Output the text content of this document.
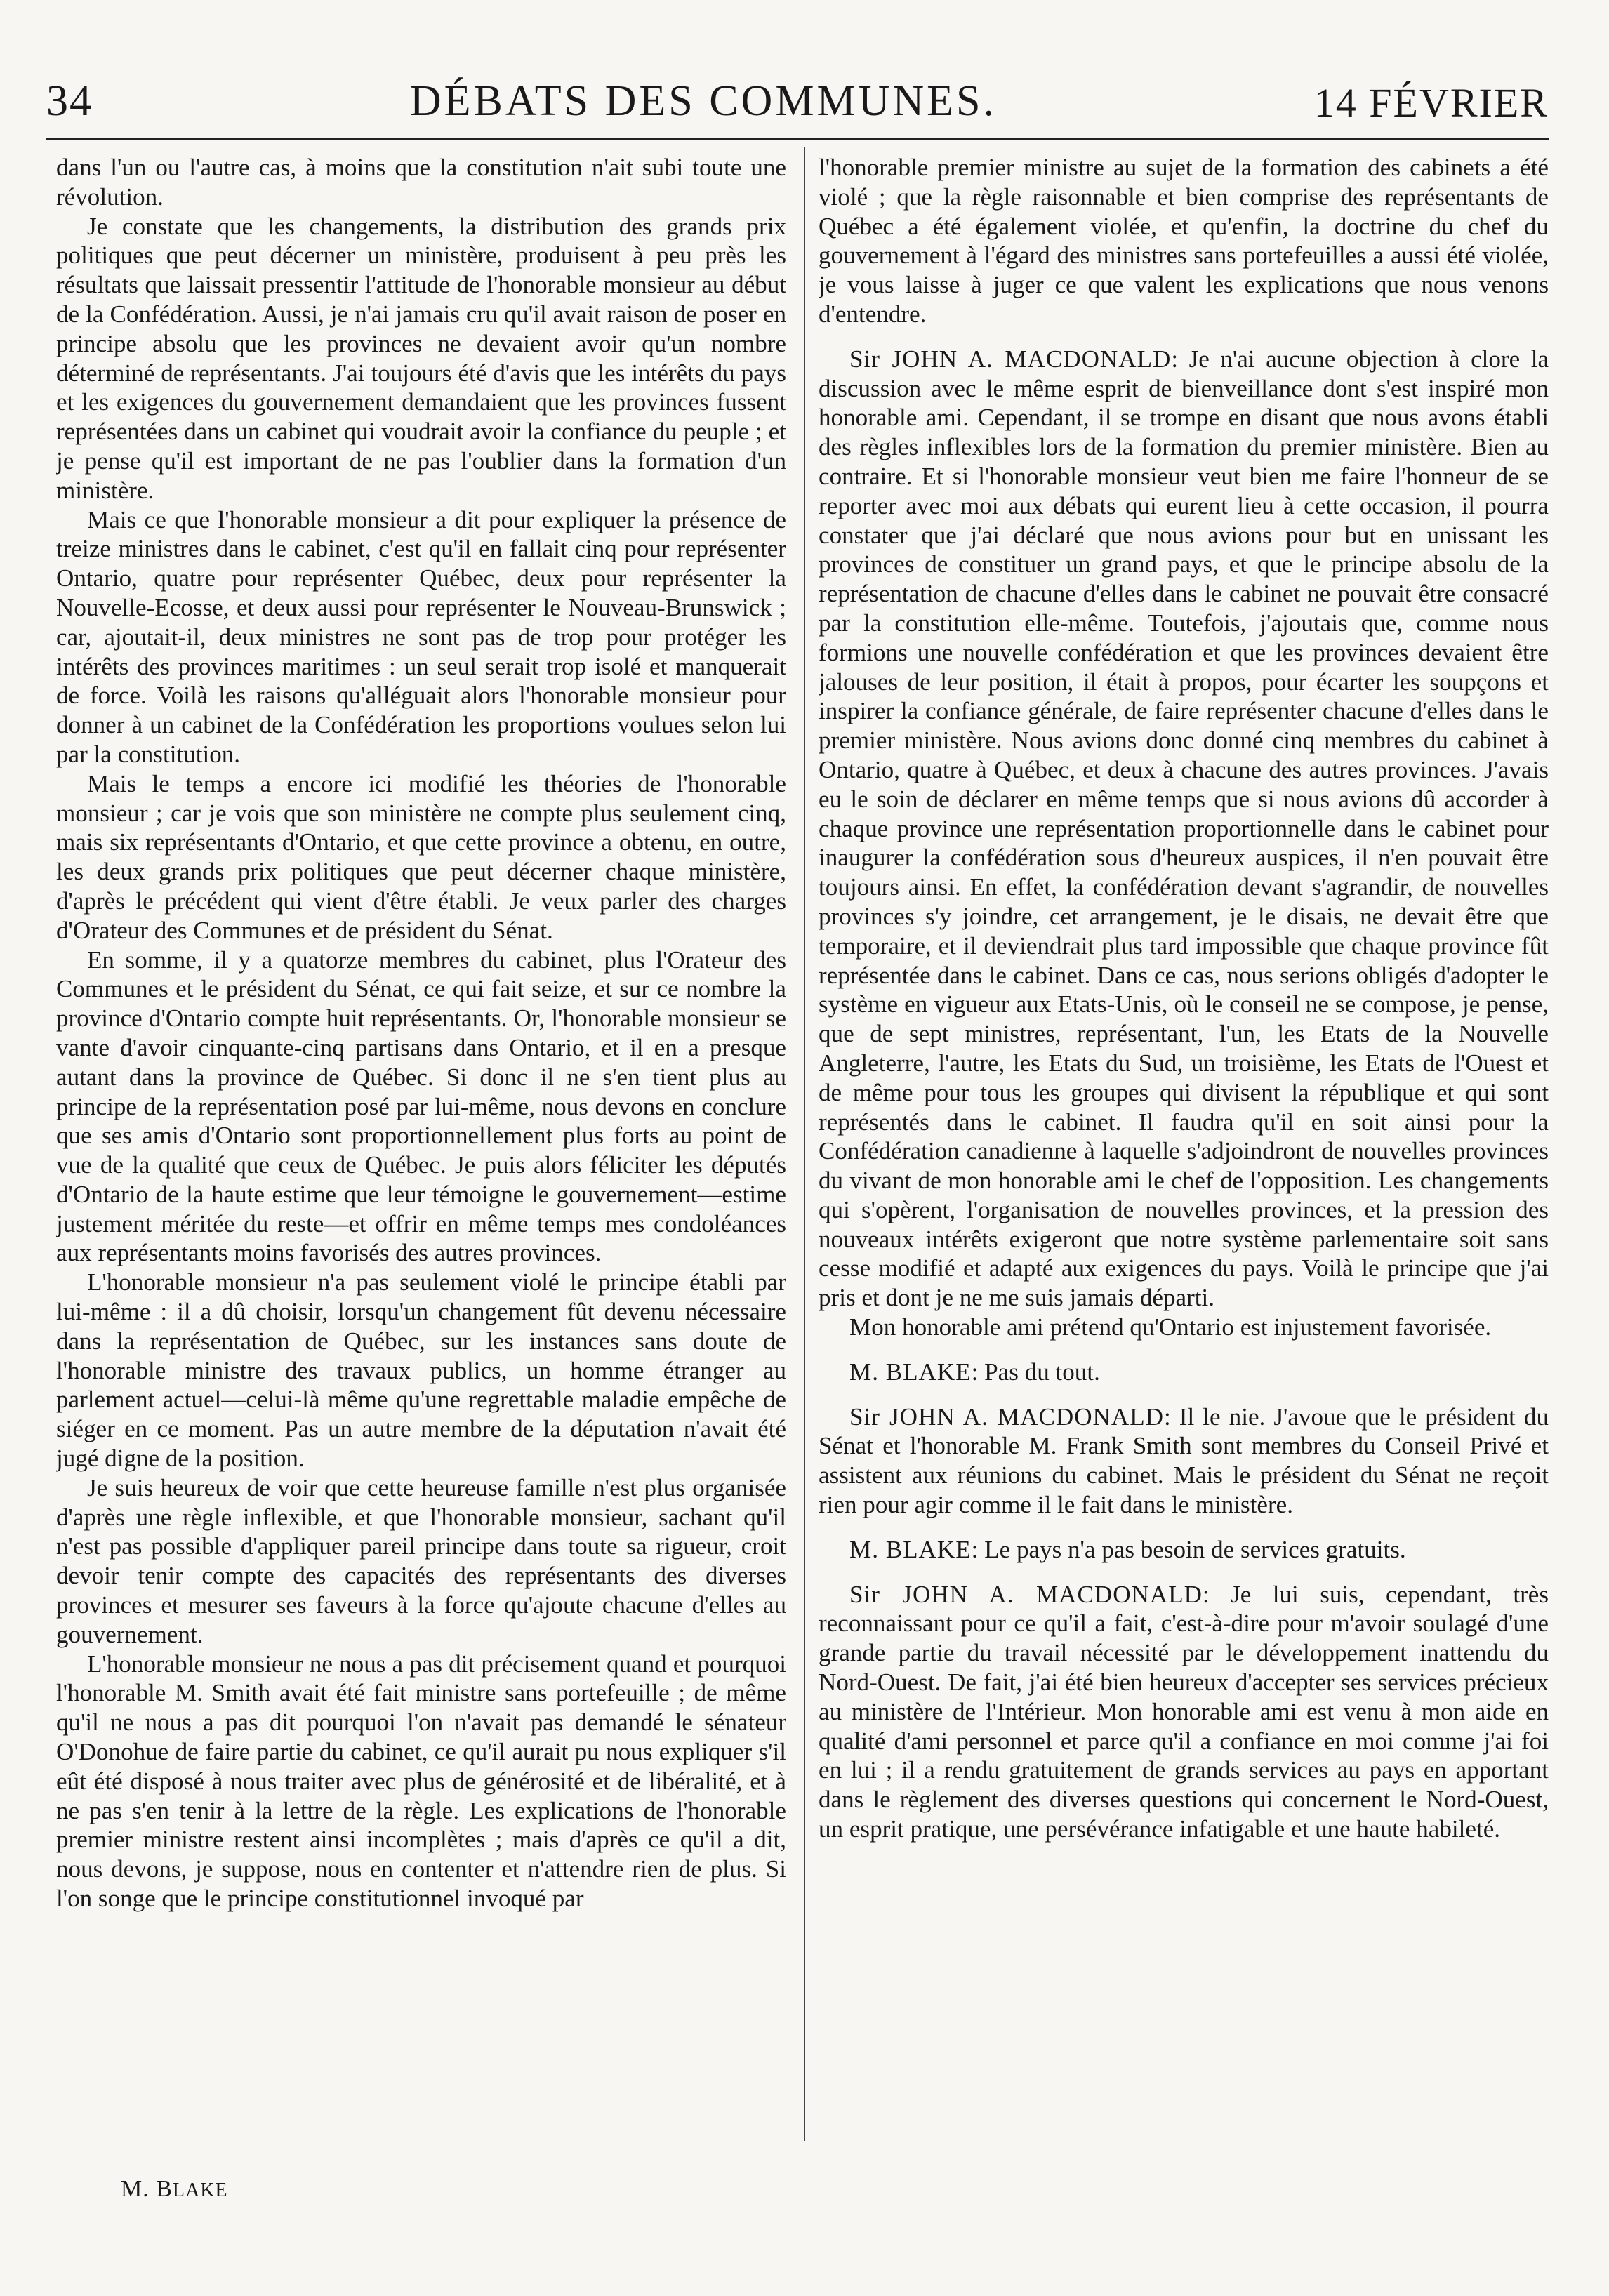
34	DÉBATS DES COMMUNES.	14 FÉVRIER

dans l'un ou l'autre cas, à moins que la constitution n'ait subi toute une révolution.

Je constate que les changements, la distribution des grands prix politiques que peut décerner un ministère, produisent à peu près les résultats que laissait pressentir l'attitude de l'honorable monsieur au début de la Confédération. Aussi, je n'ai jamais cru qu'il avait raison de poser en principe absolu que les provinces ne devaient avoir qu'un nombre déterminé de représentants. J'ai toujours été d'avis que les intérêts du pays et les exigences du gouvernement demandaient que les provinces fussent représentées dans un cabinet qui voudrait avoir la confiance du peuple ; et je pense qu'il est important de ne pas l'oublier dans la formation d'un ministère.

Mais ce que l'honorable monsieur a dit pour expliquer la présence de treize ministres dans le cabinet, c'est qu'il en fallait cinq pour représenter Ontario, quatre pour représenter Québec, deux pour représenter la Nouvelle-Ecosse, et deux aussi pour représenter le Nouveau-Brunswick ; car, ajoutait-il, deux ministres ne sont pas de trop pour protéger les intérêts des provinces maritimes : un seul serait trop isolé et manquerait de force. Voilà les raisons qu'alléguait alors l'honorable monsieur pour donner à un cabinet de la Confédération les proportions voulues selon lui par la constitution.

Mais le temps a encore ici modifié les théories de l'honorable monsieur ; car je vois que son ministère ne compte plus seulement cinq, mais six représentants d'Ontario, et que cette province a obtenu, en outre, les deux grands prix politiques que peut décerner chaque ministère, d'après le précédent qui vient d'être établi. Je veux parler des charges d'Orateur des Communes et de président du Sénat.

En somme, il y a quatorze membres du cabinet, plus l'Orateur des Communes et le président du Sénat, ce qui fait seize, et sur ce nombre la province d'Ontario compte huit représentants. Or, l'honorable monsieur se vante d'avoir cinquante-cinq partisans dans Ontario, et il en a presque autant dans la province de Québec. Si donc il ne s'en tient plus au principe de la représentation posé par lui-même, nous devons en conclure que ses amis d'Ontario sont proportionnellement plus forts au point de vue de la qualité que ceux de Québec. Je puis alors féliciter les députés d'Ontario de la haute estime que leur témoigne le gouvernement—estime justement méritée du reste—et offrir en même temps mes condoléances aux représentants moins favorisés des autres provinces.

L'honorable monsieur n'a pas seulement violé le principe établi par lui-même : il a dû choisir, lorsqu'un changement fût devenu nécessaire dans la représentation de Québec, sur les instances sans doute de l'honorable ministre des travaux publics, un homme étranger au parlement actuel—celui-là même qu'une regrettable maladie empêche de siéger en ce moment. Pas un autre membre de la députation n'avait été jugé digne de la position.

Je suis heureux de voir que cette heureuse famille n'est plus organisée d'après une règle inflexible, et que l'honorable monsieur, sachant qu'il n'est pas possible d'appliquer pareil principe dans toute sa rigueur, croit devoir tenir compte des capacités des représentants des diverses provinces et mesurer ses faveurs à la force qu'ajoute chacune d'elles au gouvernement.

L'honorable monsieur ne nous a pas dit précisement quand et pourquoi l'honorable M. Smith avait été fait ministre sans portefeuille ; de même qu'il ne nous a pas dit pourquoi l'on n'avait pas demandé le sénateur O'Donohue de faire partie du cabinet, ce qu'il aurait pu nous expliquer s'il eût été disposé à nous traiter avec plus de générosité et de libéralité, et à ne pas s'en tenir à la lettre de la règle. Les explications de l'honorable premier ministre restent ainsi incomplètes ; mais d'après ce qu'il a dit, nous devons, je suppose, nous en contenter et n'attendre rien de plus. Si l'on songe que le principe constitutionnel invoqué par

l'honorable premier ministre au sujet de la formation des cabinets a été violé ; que la règle raisonnable et bien comprise des représentants de Québec a été également violée, et qu'enfin, la doctrine du chef du gouvernement à l'égard des ministres sans portefeuilles a aussi été violée, je vous laisse à juger ce que valent les explications que nous venons d'entendre.

Sir JOHN A. MACDONALD: Je n'ai aucune objection à clore la discussion avec le même esprit de bienveillance dont s'est inspiré mon honorable ami. Cependant, il se trompe en disant que nous avons établi des règles inflexibles lors de la formation du premier ministère. Bien au contraire. Et si l'honorable monsieur veut bien me faire l'honneur de se reporter avec moi aux débats qui eurent lieu à cette occasion, il pourra constater que j'ai déclaré que nous avions pour but en unissant les provinces de constituer un grand pays, et que le principe absolu de la représentation de chacune d'elles dans le cabinet ne pouvait être consacré par la constitution elle-même. Toutefois, j'ajoutais que, comme nous formions une nouvelle confédération et que les provinces devaient être jalouses de leur position, il était à propos, pour écarter les soupçons et inspirer la confiance générale, de faire représenter chacune d'elles dans le premier ministère. Nous avions donc donné cinq membres du cabinet à Ontario, quatre à Québec, et deux à chacune des autres provinces. J'avais eu le soin de déclarer en même temps que si nous avions dû accorder à chaque province une représentation proportionnelle dans le cabinet pour inaugurer la confédération sous d'heureux auspices, il n'en pouvait être toujours ainsi. En effet, la confédération devant s'agrandir, de nouvelles provinces s'y joindre, cet arrangement, je le disais, ne devait être que temporaire, et il deviendrait plus tard impossible que chaque province fût représentée dans le cabinet. Dans ce cas, nous serions obligés d'adopter le système en vigueur aux Etats-Unis, où le conseil ne se compose, je pense, que de sept ministres, représentant, l'un, les Etats de la Nouvelle Angleterre, l'autre, les Etats du Sud, un troisième, les Etats de l'Ouest et de même pour tous les groupes qui divisent la république et qui sont représentés dans le cabinet. Il faudra qu'il en soit ainsi pour la Confédération canadienne à laquelle s'adjoindront de nouvelles provinces du vivant de mon honorable ami le chef de l'opposition. Les changements qui s'opèrent, l'organisation de nouvelles provinces, et la pression des nouveaux intérêts exigeront que notre système parlementaire soit sans cesse modifié et adapté aux exigences du pays. Voilà le principe que j'ai pris et dont je ne me suis jamais départi.

Mon honorable ami prétend qu'Ontario est injustement favorisée.

M. BLAKE: Pas du tout.

Sir JOHN A. MACDONALD: Il le nie. J'avoue que le président du Sénat et l'honorable M. Frank Smith sont membres du Conseil Privé et assistent aux réunions du cabinet. Mais le président du Sénat ne reçoit rien pour agir comme il le fait dans le ministère.

M. BLAKE: Le pays n'a pas besoin de services gratuits.

Sir JOHN A. MACDONALD: Je lui suis, cependant, très reconnaissant pour ce qu'il a fait, c'est-à-dire pour m'avoir soulagé d'une grande partie du travail nécessité par le développement inattendu du Nord-Ouest. De fait, j'ai été bien heureux d'accepter ses services précieux au ministère de l'Intérieur. Mon honorable ami est venu à mon aide en qualité d'ami personnel et parce qu'il a confiance en moi comme j'ai foi en lui ; il a rendu gratuitement de grands services au pays en apportant dans le règlement des diverses questions qui concernent le Nord-Ouest, un esprit pratique, une persévérance infatigable et une haute habileté.

M. BLAKE
